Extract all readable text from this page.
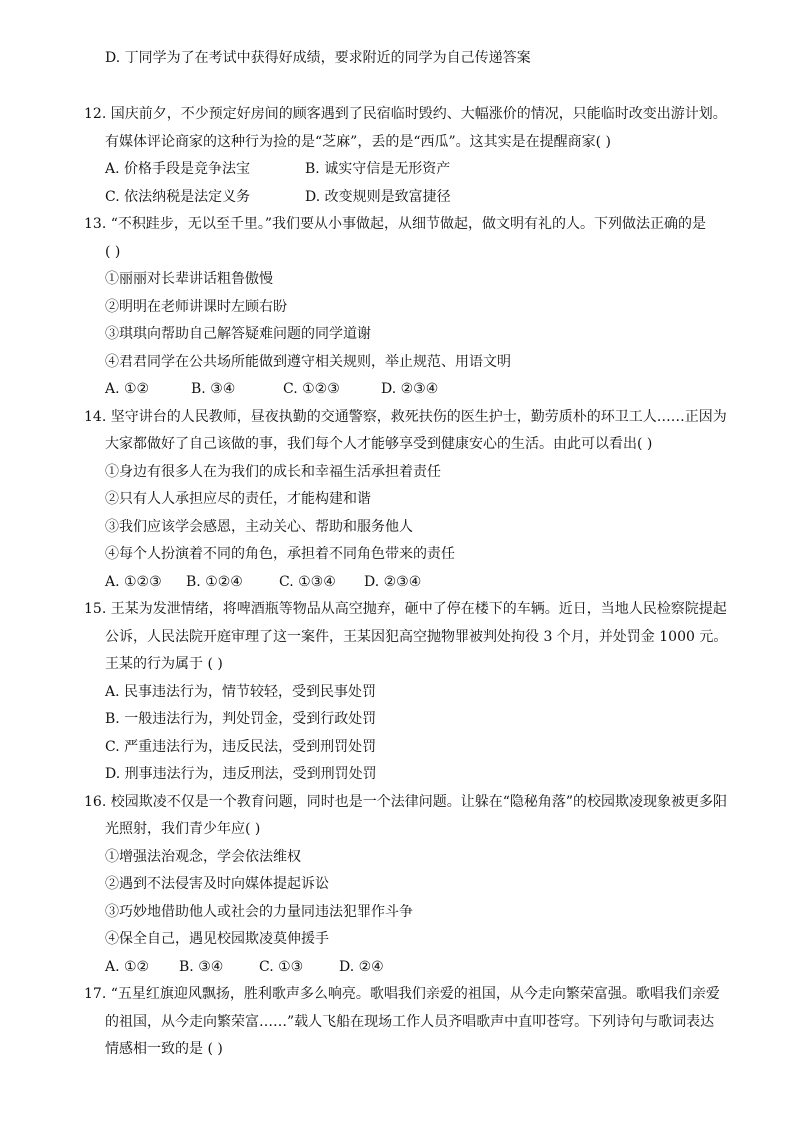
D. 丁同学为了在考试中获得好成绩，要求附近的同学为自己传递答案
12. 国庆前夕，不少预定好房间的顾客遇到了民宿临时毁约、大幅涨价的情况，只能临时改变出游计划。
有媒体评论商家的这种行为捡的是“芝麻”，丢的是“西瓜”。这其实是在提醒商家( )
A. 价格手段是竞争法宝	B. 诚实守信是无形资产
C. 依法纳税是法定义务	D. 改变规则是致富捷径
13. “不积跬步，无以至千里。”我们要从小事做起，从细节做起，做文明有礼的人。下列做法正确的是
( )
①丽丽对长辈讲话粗鲁傲慢
②明明在老师讲课时左顾右盼
③琪琪向帮助自己解答疑难问题的同学道谢
④君君同学在公共场所能做到遵守相关规则，举止规范、用语文明
A. ①②	B. ③④	C. ①②③	D. ②③④
14. 坚守讲台的人民教师，昼夜执勤的交通警察，救死扶伤的医生护士，勤劳质朴的环卫工人……正因为
大家都做好了自己该做的事，我们每个人才能够享受到健康安心的生活。由此可以看出( )
①身边有很多人在为我们的成长和幸福生活承担着责任
②只有人人承担应尽的责任，才能构建和谐
③我们应该学会感恩，主动关心、帮助和服务他人
④每个人扮演着不同的角色，承担着不同角色带来的责任
A. ①②③ B. ①②④	C. ①③④ D. ②③④
15. 王某为发泄情绪，将啤酒瓶等物品从高空抛弃，砸中了停在楼下的车辆。近日，当地人民检察院提起
公诉，人民法院开庭审理了这一案件，王某因犯高空抛物罪被判处拘役 3 个月，并处罚金 1000 元。
王某的行为属于 ( )
A. 民事违法行为，情节较轻，受到民事处罚
B. 一般违法行为，判处罚金，受到行政处罚
C. 严重违法行为，违反民法，受到刑罚处罚
D. 刑事违法行为，违反刑法，受到刑罚处罚
16. 校园欺凌不仅是一个教育问题，同时也是一个法律问题。让躲在“隐秘角落”的校园欺凌现象被更多阳
光照射，我们青少年应( )
①增强法治观念，学会依法维权
②遇到不法侵害及时向媒体提起诉讼
③巧妙地借助他人或社会的力量同违法犯罪作斗争
④保全自己，遇见校园欺凌莫伸援手
A. ①② B. ③④	C. ①③	D. ②④
17. “五星红旗迎风飘扬，胜利歌声多么响亮。歌唱我们亲爱的祖国，从今走向繁荣富强。歌唱我们亲爱
的祖国，从今走向繁荣富……”载人飞船在现场工作人员齐唱歌声中直叩苍穹。下列诗句与歌词表达
情感相一致的是 ( )
